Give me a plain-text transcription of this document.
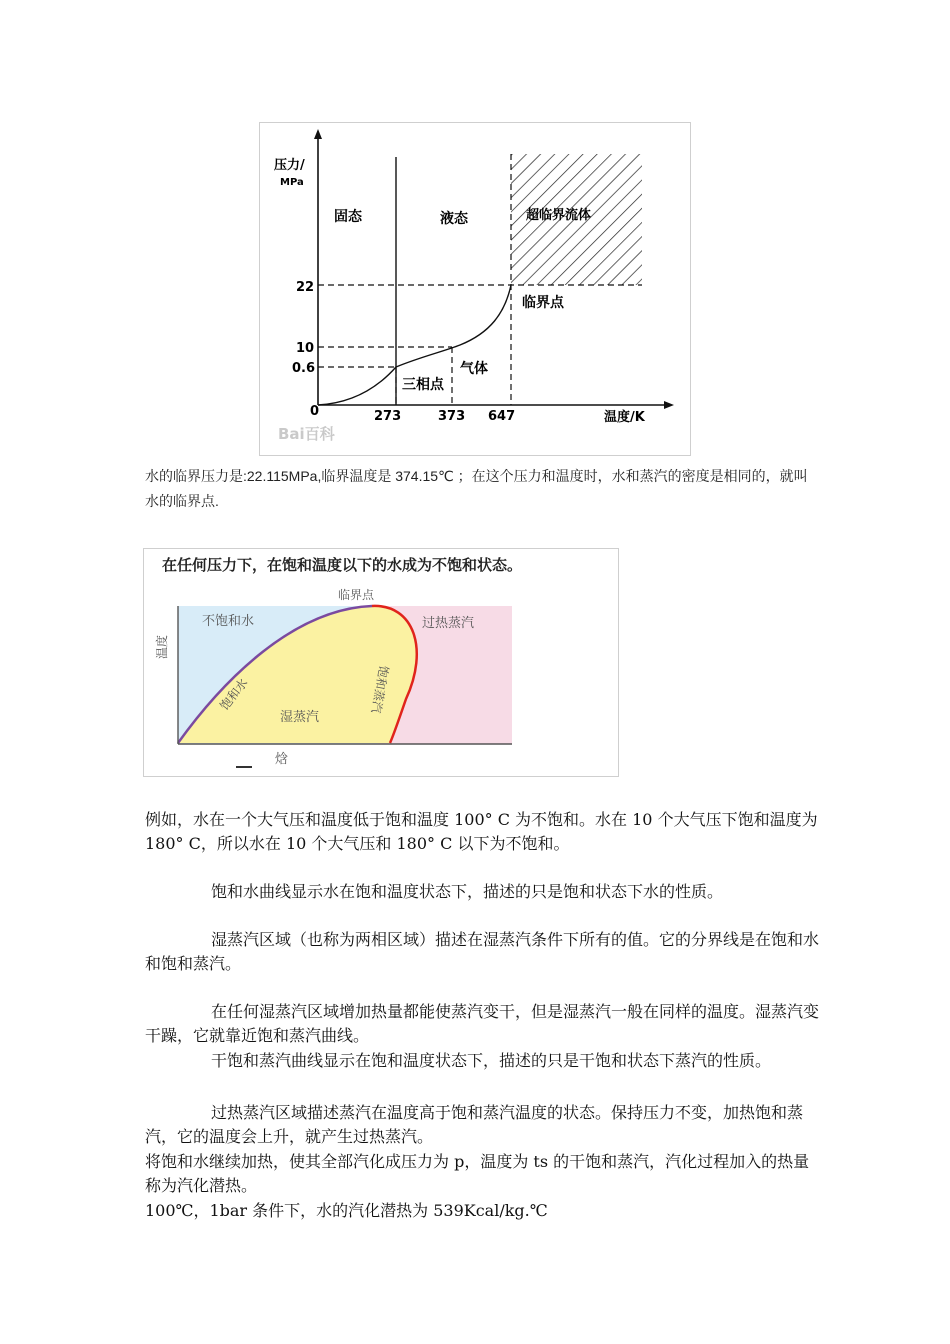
压力/
MPa
固态	液态	超临界流体
气体
三相点
临界点
22
10
0.6
0	273	373 647	温度/K
Bai百科
水的临界压力是:22.115MPa,临界温度是 374.15℃ ；在这个压力和温度时，水和蒸汽的密度是相同的，就叫水的临界点.
在任何压力下，在饱和温度以下的水成为不饱和状态。
临界点
不饱和水	过热蒸汽
湿蒸汽
饱和水	饱和蒸汽
温度
焓

例如，水在一个大气压和温度低于饱和温度 100° C 为不饱和。水在 10 个大气压下饱和温度为 180° C，所以水在 10 个大气压和 180° C 以下为不饱和。

饱和水曲线显示水在饱和温度状态下，描述的只是饱和状态下水的性质。

湿蒸汽区域（也称为两相区域）描述在湿蒸汽条件下所有的值。它的分界线是在饱和水和饱和蒸汽。

在任何湿蒸汽区域增加热量都能使蒸汽变干，但是湿蒸汽一般在同样的温度。湿蒸汽变干躁，它就靠近饱和蒸汽曲线。

干饱和蒸汽曲线显示在饱和温度状态下，描述的只是干饱和状态下蒸汽的性质。

过热蒸汽区域描述蒸汽在温度高于饱和蒸汽温度的状态。保持压力不变，加热饱和蒸汽，它的温度会上升，就产生过热蒸汽。

将饱和水继续加热，使其全部汽化成压力为 p，温度为 ts 的干饱和蒸汽，汽化过程加入的热量称为汽化潜热。

100℃，1bar 条件下，水的汽化潜热为 539Kcal/kg.℃
